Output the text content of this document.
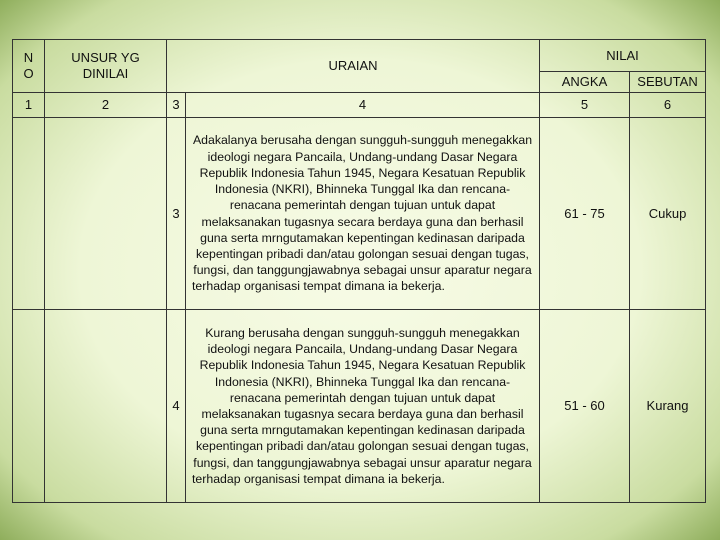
N O	UNSUR YG DINILAI	URAIAN		NILAI	
				ANGKA	SEBUTAN
1	2	3	4	5	6
		3	Adakalanya berusaha dengan sungguh-sungguh menegakkan ideologi negara Pancaila, Undang-undang Dasar Negara Republik Indonesia Tahun 1945, Negara Kesatuan Republik Indonesia (NKRI), Bhinneka Tunggal Ika dan rencana-renacana pemerintah dengan tujuan untuk dapat melaksanakan tugasnya secara berdaya guna dan berhasil guna serta mrngutamakan kepentingan kedinasan daripada kepentingan pribadi dan/atau golongan sesuai dengan tugas, fungsi, dan tanggungjawabnya sebagai unsur aparatur negara terhadap organisasi tempat dimana ia bekerja.	61 - 75	Cukup
		4	Kurang berusaha dengan sungguh-sungguh menegakkan ideologi negara Pancaila, Undang-undang Dasar Negara Republik Indonesia Tahun 1945, Negara Kesatuan Republik Indonesia (NKRI), Bhinneka Tunggal Ika dan rencana-renacana pemerintah dengan tujuan untuk dapat melaksanakan tugasnya secara berdaya guna dan berhasil guna serta mrngutamakan kepentingan kedinasan daripada kepentingan pribadi dan/atau golongan sesuai dengan tugas, fungsi, dan tanggungjawabnya sebagai unsur aparatur negara terhadap organisasi tempat dimana ia bekerja.	51 - 60	Kurang
